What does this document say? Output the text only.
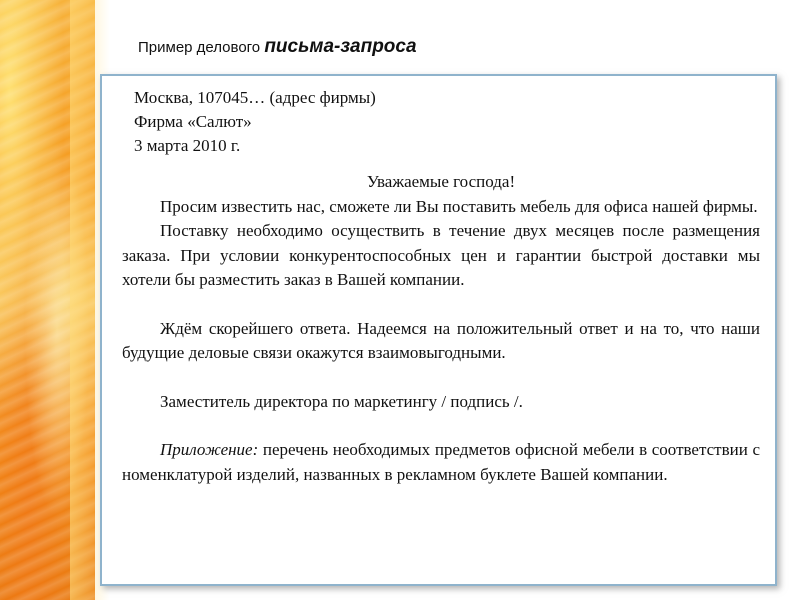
Пример делового письма-запроса
Москва, 107045… (адрес фирмы)
Фирма «Салют»
3 марта 2010 г.
Уважаемые господа!

Просим известить нас, сможете ли Вы поставить мебель для офиса нашей фирмы.

Поставку необходимо осуществить в течение двух месяцев после размещения заказа. При условии конкурентоспособных цен и гарантии быстрой доставки мы хотели бы разместить заказ в Вашей компании.

Ждём скорейшего ответа. Надеемся на положительный ответ и на то, что наши будущие деловые связи окажутся взаимовыгодными.

Заместитель директора по маркетингу / подпись /.

Приложение: перечень необходимых предметов офисной мебели в соответствии с номенклатурой изделий, названных в рекламном буклете Вашей компании.
